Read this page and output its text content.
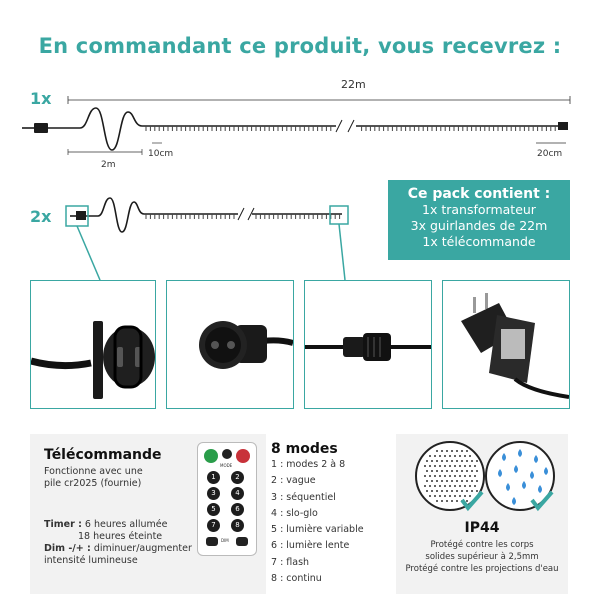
En commandant ce produit, vous recevrez :
1x
22m
2m
10cm	20cm
2x
Ce pack contient :
1x transformateur
3x guirlandes de 22m
1x télécommande
Télécommande
Fonctionne avec une
pile cr2025 (fournie)
Timer : 6 heures allumée
18 heures éteinte
Dim -/+ : diminuer/augmenter
intensité lumineuse
MODE
1	2
3	4
5	6
7	8
DIM
8 modes
1 : modes 2 à 8
2 : vague
3 : séquentiel
4 : slo-glo
5 : lumière variable
6 : lumière lente
7 : flash
8 : continu
IP44
Protégé contre les corps
solides supérieur à 2,5mm
Protégé contre les projections d'eau
